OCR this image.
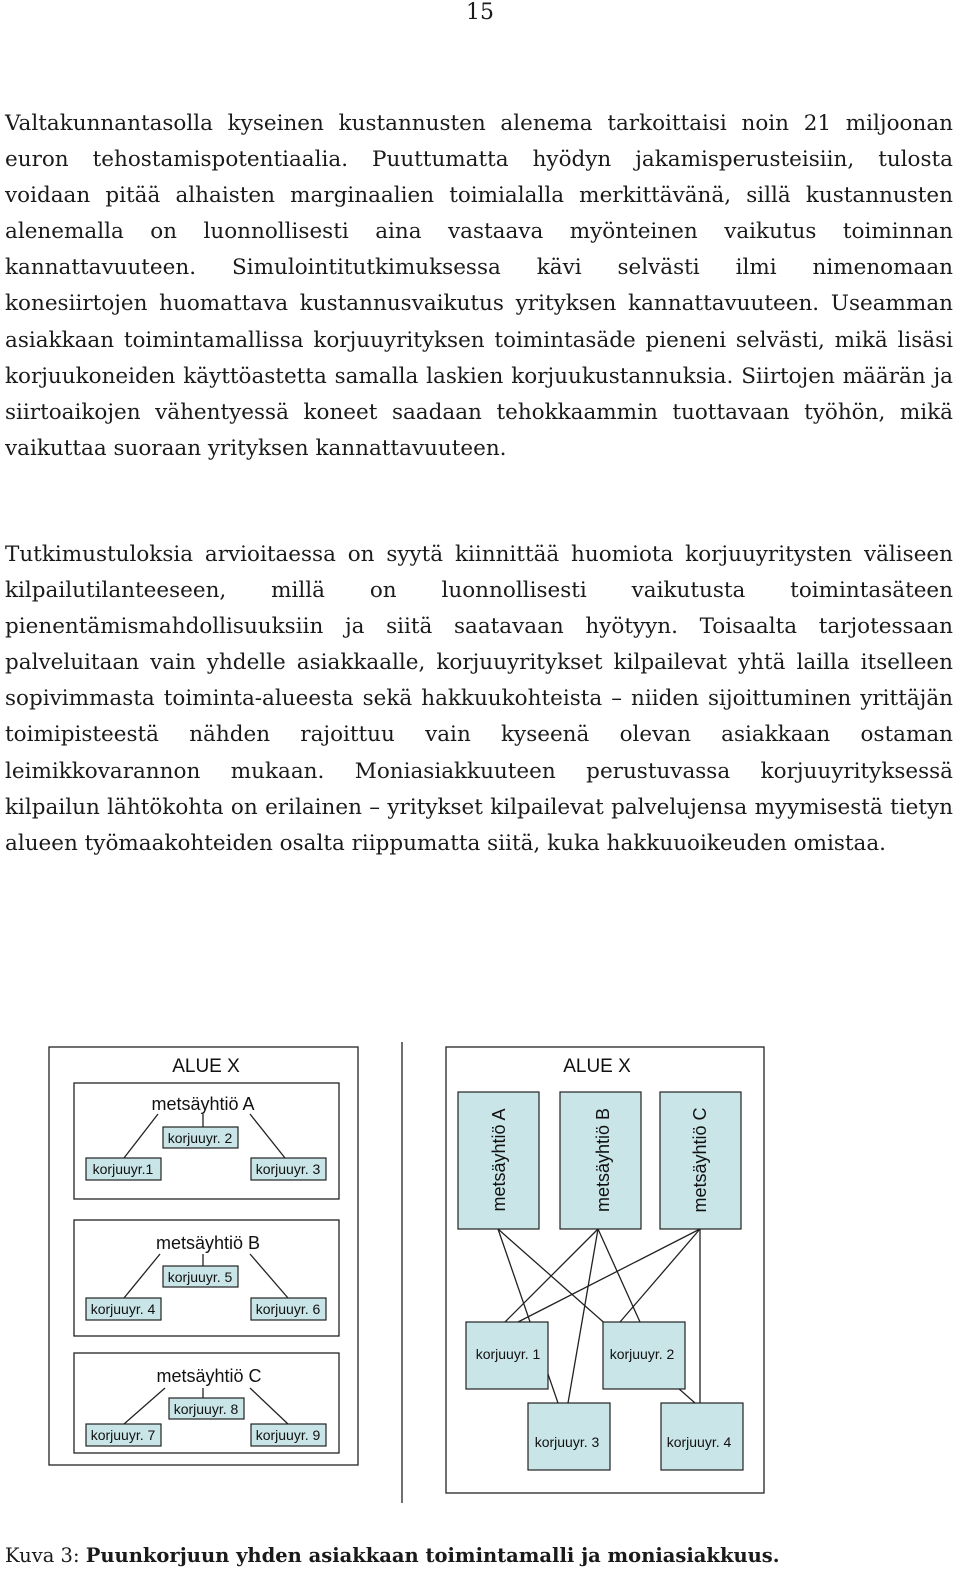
15

Valtakunnantasolla kyseinen kustannusten alenema tarkoittaisi noin 21 miljoonan euron tehostamispotentiaalia. Puuttumatta hyödyn jakamisperusteisiin, tulosta voidaan pitää alhaisten marginaalien toimialalla merkittävänä, sillä kustannusten alenemalla on luonnollisesti aina vastaava myönteinen vaikutus toiminnan kannattavuuteen. Simulointitutkimuksessa kävi selvästi ilmi nimenomaan konesiirtojen huomattava kustannusvaikutus yrityksen kannattavuuteen. Useamman asiakkaan toimintamallissa korjuuyrityksen toimintasäde pieneni selvästi, mikä lisäsi korjuukoneiden käyttöastetta samalla laskien korjuukustannuksia. Siirtojen määrän ja siirtoaikojen vähentyessä koneet saadaan tehokkaammin tuottavaan työhön, mikä vaikuttaa suoraan yrityksen kannattavuuteen.

Tutkimustuloksia arvioitaessa on syytä kiinnittää huomiota korjuuyritysten väliseen kilpailutilanteeseen, millä on luonnollisesti vaikutusta toimintasäteen pienentämismahdollisuuksiin ja siitä saatavaan hyötyyn. Toisaalta tarjotessaan palveluitaan vain yhdelle asiakkaalle, korjuuyritykset kilpailevat yhtä lailla itselleen sopivimmasta toiminta-alueesta sekä hakkuukohteista – niiden sijoittuminen yrittäjän toimipisteestä nähden rajoittuu vain kyseenä olevan asiakkaan ostaman leimikkovarannon mukaan. Moniasiakkuuteen perustuvassa korjuuyrityksessä kilpailun lähtökohta on erilainen – yritykset kilpailevat palvelujensa myymisestä tietyn alueen työmaakohteiden osalta riippumatta siitä, kuka hakkuuoikeuden omistaa.

ALUE X
metsäyhtiö A
korjuuyr. 2
korjuuyr.1	korjuuyr. 3
metsäyhtiö B
korjuuyr. 5
korjuuyr. 4	korjuuyr. 6
metsäyhtiö C
korjuuyr. 8
korjuuyr. 7	korjuuyr. 9
ALUE X
metsäyhtiö A	metsäyhtiö B	metsäyhtiö C
korjuuyr. 1	korjuuyr. 2
korjuuyr. 3	korjuuyr. 4

Kuva 3: Puunkorjuun yhden asiakkaan toimintamalli ja moniasiakkuus.
